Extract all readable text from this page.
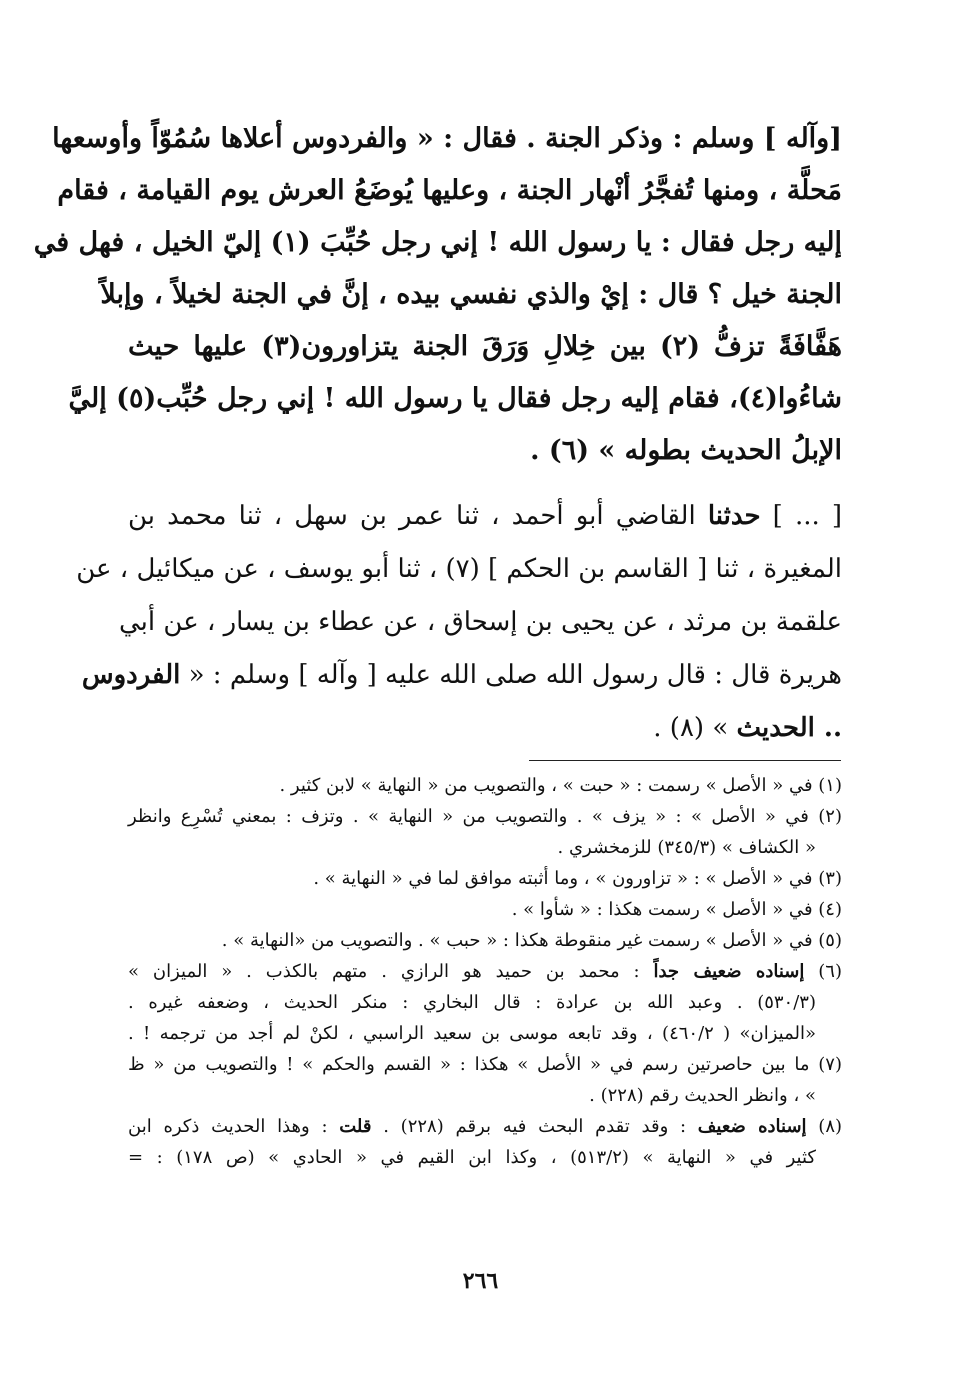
[وآله ] وسلم : وذكر الجنة . فقال : « والفردوس أعلاها سُمُوّاً وأوسعها
مَحلَّة ، ومنها تُفجَّرُ أنْهار الجنة ، وعليها يُوضَعُ العرش يوم القيامة ، فقام
إليه رجل فقال : يا رسول الله ! إني رجل حُبِّبَ (١) إليّ الخيل ، فهل في
الجنة خيل ؟ قال : إيْ والذي نفسي بيده ، إنَّ في الجنة لخيلاً ، وإبلاً
هَفَّافَةً تزفُّ (٢) بين خِلالِ وَرَقَ الجنة يتزاورون(٣) عليها حيث
شاءُوا(٤)، فقام إليه رجل فقال يا رسول الله ! إني رجل حُبِّب(٥) إليَّ
الإبلُ الحديث بطوله » (٦) .
[ ... ] حدثنا القاضي أبو أحمد ، ثنا عمر بن سهل ، ثنا محمد بن
المغيرة ، ثنا [ القاسم بن الحكم ] (٧) ، ثنا أبو يوسف ، عن ميكائيل ، عن
علقمة بن مرثد ، عن يحيى بن إسحاق ، عن عطاء بن يسار ، عن أبي
هريرة قال : قال رسول الله صلى الله عليه [ وآله ] وسلم : « الفردوس
.. الحديث » (٨) .
(١) في « الأصل » رسمت : « حبت » ، والتصويب من « النهاية » لابن كثير .
(٢) في « الأصل » : « يزف » . والتصويب من « النهاية » . وتزف : بمعني تُسْرِع وانظر
« الكشاف » (٣٤٥/٣) للزمخشري .
(٣) في « الأصل » : « تزاورون » ، وما أثبته موافق لما في « النهاية » .
(٤) في « الأصل » رسمت هكذا : « شأوا » .
(٥) في « الأصل » رسمت غير منقوطة هكذا : « حبب » . والتصويب من «النهاية » .
(٦) إسناده ضعيف جداً : محمد بن حميد هو الرازي . متهم بالكذب . « الميزان »
(٥٣٠/٣) . وعبد الله بن عرادة : قال البخاري : منكر الحديث ، وضعفه غيره .
«الميزان» ( ٤٦٠/٢) ، وقد تابعه موسى بن سعيد الراسبي ، لكنْ لم أجد من ترجمه ! .
(٧) ما بين حاصرتين رسم في « الأصل » هكذا : « القسم والحكم » ! والتصويب من « ظ
» ، وانظر الحديث رقم (٢٢٨) .
(٨) إسناده ضعيف : وقد تقدم البحث فيه برقم (٢٢٨) . قلت : وهذا الحديث ذكره ابن
كثير في « النهاية » (٥١٣/٢) ، وكذا ابن القيم في « الحادي » (ص ١٧٨) : =
٢٦٦
